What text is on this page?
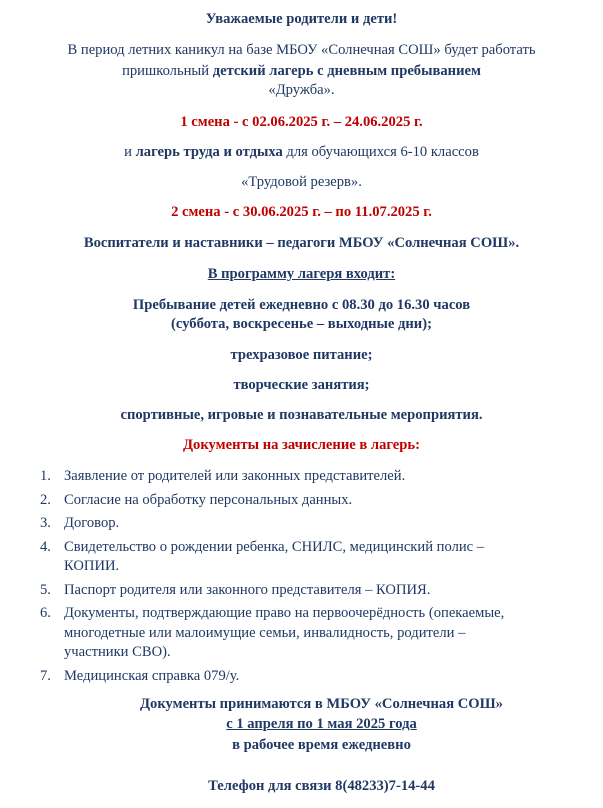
Уважаемые родители и дети!
В период летних каникул на базе МБОУ «Солнечная СОШ» будет работать
пришкольный детский лагерь с дневным пребыванием
«Дружба».
1 смена - с 02.06.2025 г. – 24.06.2025 г.
и лагерь труда и отдыха для обучающихся 6-10 классов
«Трудовой резерв».
2 смена - с 30.06.2025 г. – по 11.07.2025 г.
Воспитатели и наставники – педагоги МБОУ «Солнечная СОШ».
В программу лагеря входит:
Пребывание детей ежедневно с 08.30 до 16.30 часов
(суббота, воскресенье – выходные дни);
трехразовое питание;
творческие занятия;
спортивные, игровые и познавательные мероприятия.
Документы на зачисление в лагерь:
1. Заявление от родителей или законных представителей.
2. Согласие на обработку персональных данных.
3. Договор.
4. Свидетельство о рождении ребенка, СНИЛС, медицинский полис –
КОПИИ.
5. Паспорт родителя или законного представителя – КОПИЯ.
6. Документы, подтверждающие право на первоочерёдность (опекаемые,
многодетные или малоимущие семьи, инвалидность, родители –
участники СВО).
7. Медицинская справка 079/у.
Документы принимаются в МБОУ «Солнечная СОШ»
с 1 апреля по 1 мая 2025 года
в рабочее время ежедневно
Телефон для связи 8(48233)7-14-44
